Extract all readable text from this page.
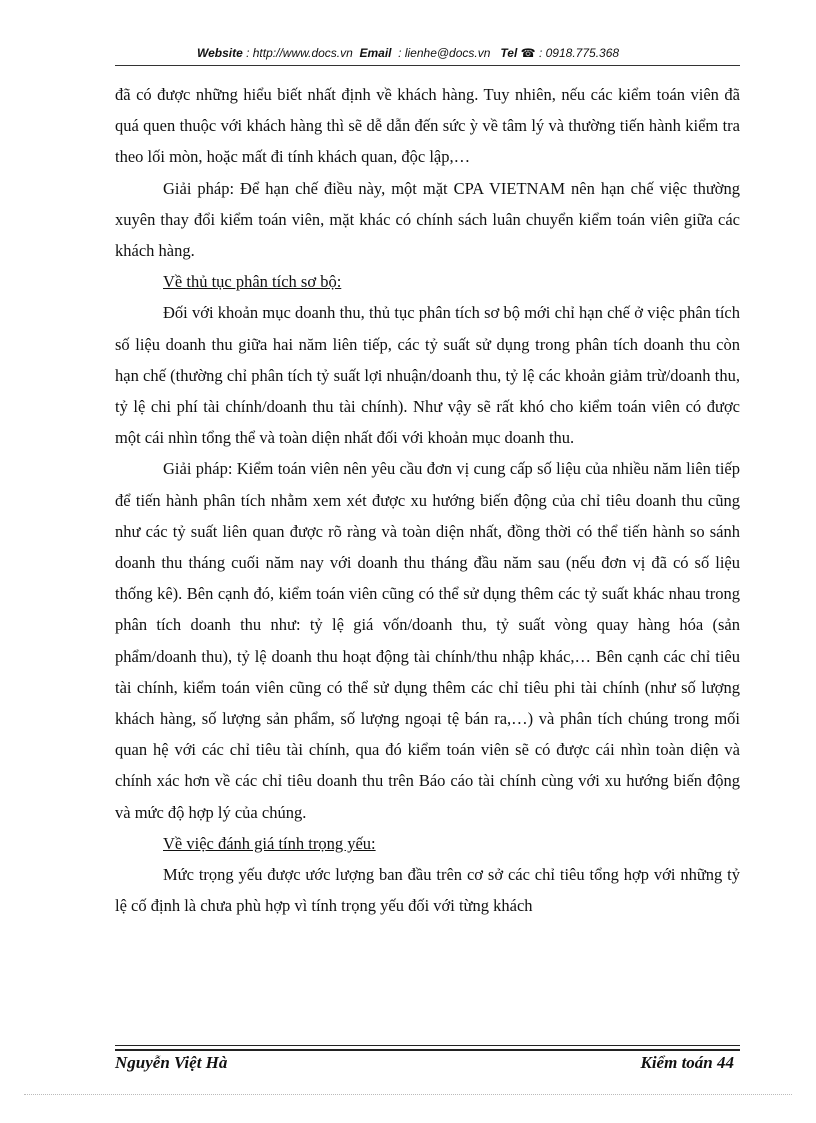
Website : http://www.docs.vn Email : lienhe@docs.vn Tel ☎ : 0918.775.368

đã có được những hiểu biết nhất định về khách hàng. Tuy nhiên, nếu các kiểm toán viên đã quá quen thuộc với khách hàng thì sẽ dễ dẫn đến sức ỳ về tâm lý và thường tiến hành kiểm tra theo lối mòn, hoặc mất đi tính khách quan, độc lập,…

Giải pháp: Để hạn chế điều này, một mặt CPA VIETNAM nên hạn chế việc thường xuyên thay đổi kiểm toán viên, mặt khác có chính sách luân chuyển kiểm toán viên giữa các khách hàng.

Về thủ tục phân tích sơ bộ:

Đối với khoản mục doanh thu, thủ tục phân tích sơ bộ mới chỉ hạn chế ở việc phân tích số liệu doanh thu giữa hai năm liên tiếp, các tỷ suất sử dụng trong phân tích doanh thu còn hạn chế (thường chỉ phân tích tỷ suất lợi nhuận/doanh thu, tỷ lệ các khoản giảm trừ/doanh thu, tỷ lệ chi phí tài chính/doanh thu tài chính). Như vậy sẽ rất khó cho kiểm toán viên có được một cái nhìn tổng thể và toàn diện nhất đối với khoản mục doanh thu.

Giải pháp: Kiểm toán viên nên yêu cầu đơn vị cung cấp số liệu của nhiều năm liên tiếp để tiến hành phân tích nhằm xem xét được xu hướng biến động của chỉ tiêu doanh thu cũng như các tỷ suất liên quan được rõ ràng và toàn diện nhất, đồng thời có thể tiến hành so sánh doanh thu tháng cuối năm nay với doanh thu tháng đầu năm sau (nếu đơn vị đã có số liệu thống kê). Bên cạnh đó, kiểm toán viên cũng có thể sử dụng thêm các tỷ suất khác nhau trong phân tích doanh thu như: tỷ lệ giá vốn/doanh thu, tỷ suất vòng quay hàng hóa (sản phẩm/doanh thu), tỷ lệ doanh thu hoạt động tài chính/thu nhập khác,… Bên cạnh các chỉ tiêu tài chính, kiểm toán viên cũng có thể sử dụng thêm các chỉ tiêu phi tài chính (như số lượng khách hàng, số lượng sản phẩm, số lượng ngoại tệ bán ra,…) và phân tích chúng trong mối quan hệ với các chỉ tiêu tài chính, qua đó kiểm toán viên sẽ có được cái nhìn toàn diện và chính xác hơn về các chỉ tiêu doanh thu trên Báo cáo tài chính cùng với xu hướng biến động và mức độ hợp lý của chúng.

Về việc đánh giá tính trọng yếu:

Mức trọng yếu được ước lượng ban đầu trên cơ sở các chỉ tiêu tổng hợp với những tỷ lệ cố định là chưa phù hợp vì tính trọng yếu đối với từng khách

Nguyễn Việt Hà	Kiểm toán 44
